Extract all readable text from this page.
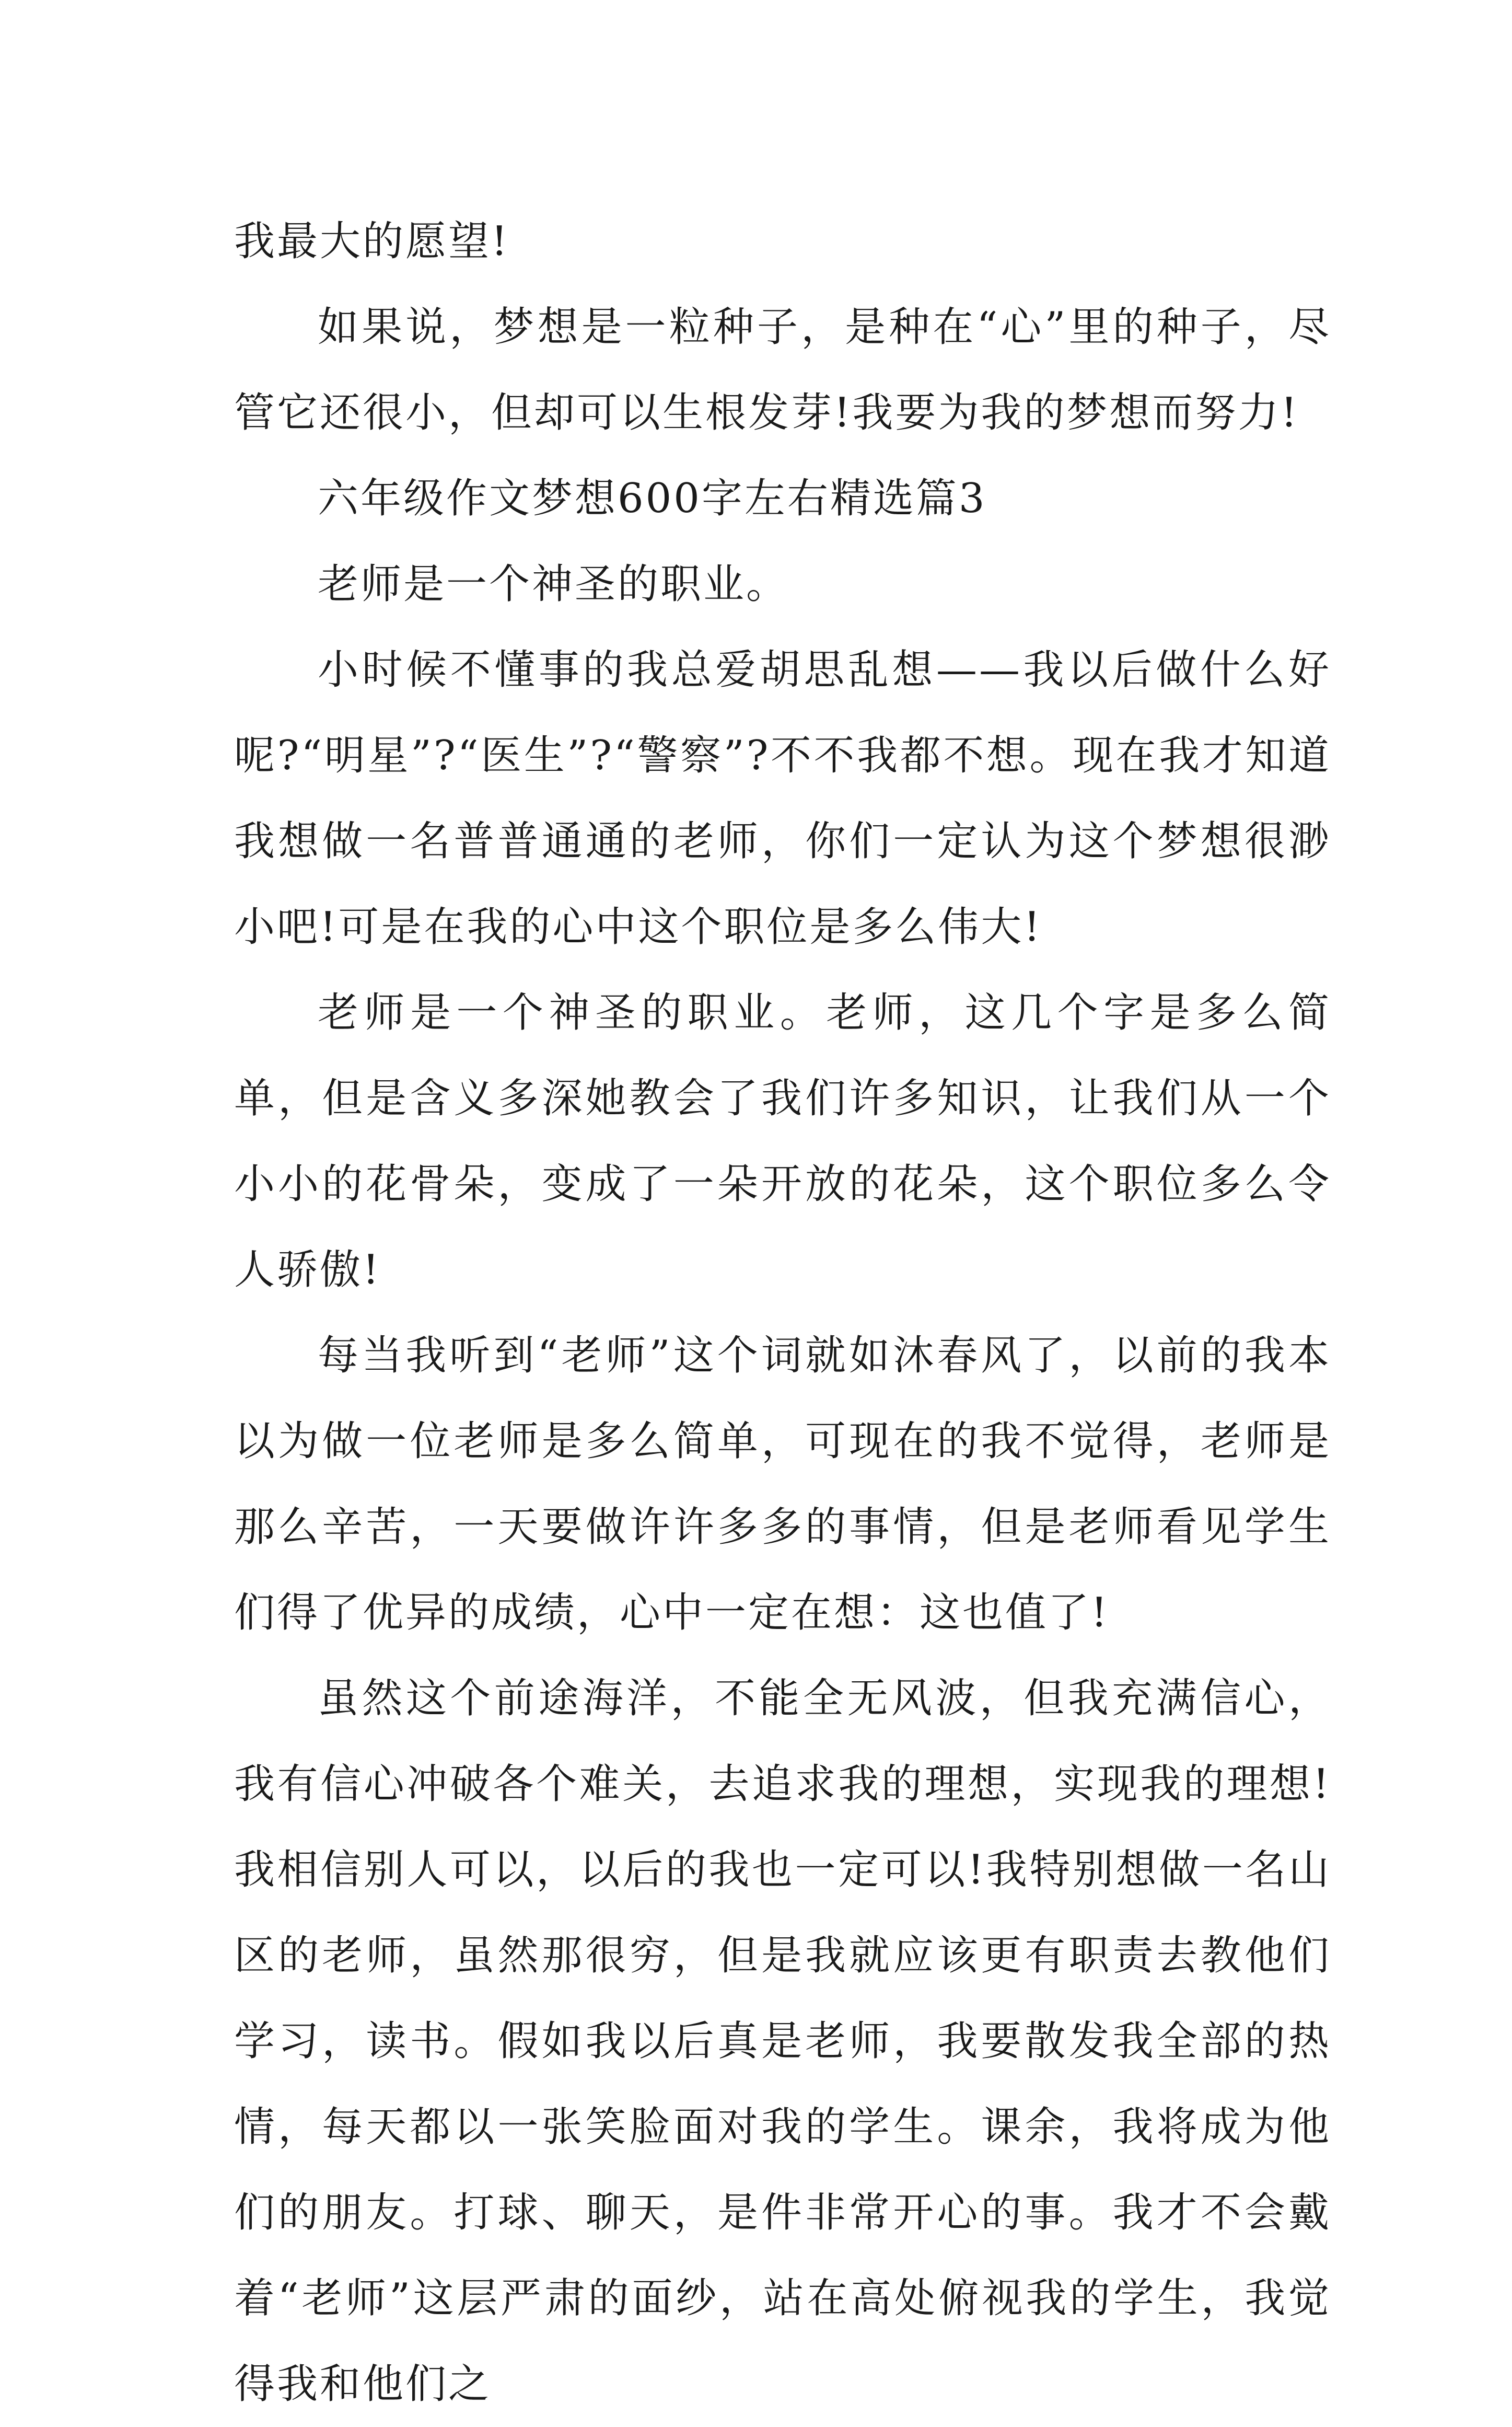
我最大的愿望!

如果说，梦想是一粒种子，是种在“心”里的种子，尽管它还很小，但却可以生根发芽!我要为我的梦想而努力!

六年级作文梦想600字左右精选篇3

老师是一个神圣的职业。

小时候不懂事的我总爱胡思乱想——我以后做什么好呢?“明星”?“医生”?“警察”?不不我都不想。现在我才知道我想做一名普普通通的老师，你们一定认为这个梦想很渺小吧!可是在我的心中这个职位是多么伟大!

老师是一个神圣的职业。老师，这几个字是多么简单，但是含义多深她教会了我们许多知识，让我们从一个小小的花骨朵，变成了一朵开放的花朵，这个职位多么令人骄傲!

每当我听到“老师”这个词就如沐春风了，以前的我本以为做一位老师是多么简单，可现在的我不觉得，老师是那么辛苦，一天要做许许多多的事情，但是老师看见学生们得了优异的成绩，心中一定在想：这也值了!

虽然这个前途海洋，不能全无风波，但我充满信心，我有信心冲破各个难关，去追求我的理想，实现我的理想!我相信别人可以，以后的我也一定可以!我特别想做一名山区的老师，虽然那很穷，但是我就应该更有职责去教他们学习，读书。假如我以后真是老师，我要散发我全部的热情，每天都以一张笑脸面对我的学生。课余，我将成为他们的朋友。打球、聊天，是件非常开心的事。我才不会戴着“老师”这层严肃的面纱，站在高处俯视我的学生，我觉得我和他们之
